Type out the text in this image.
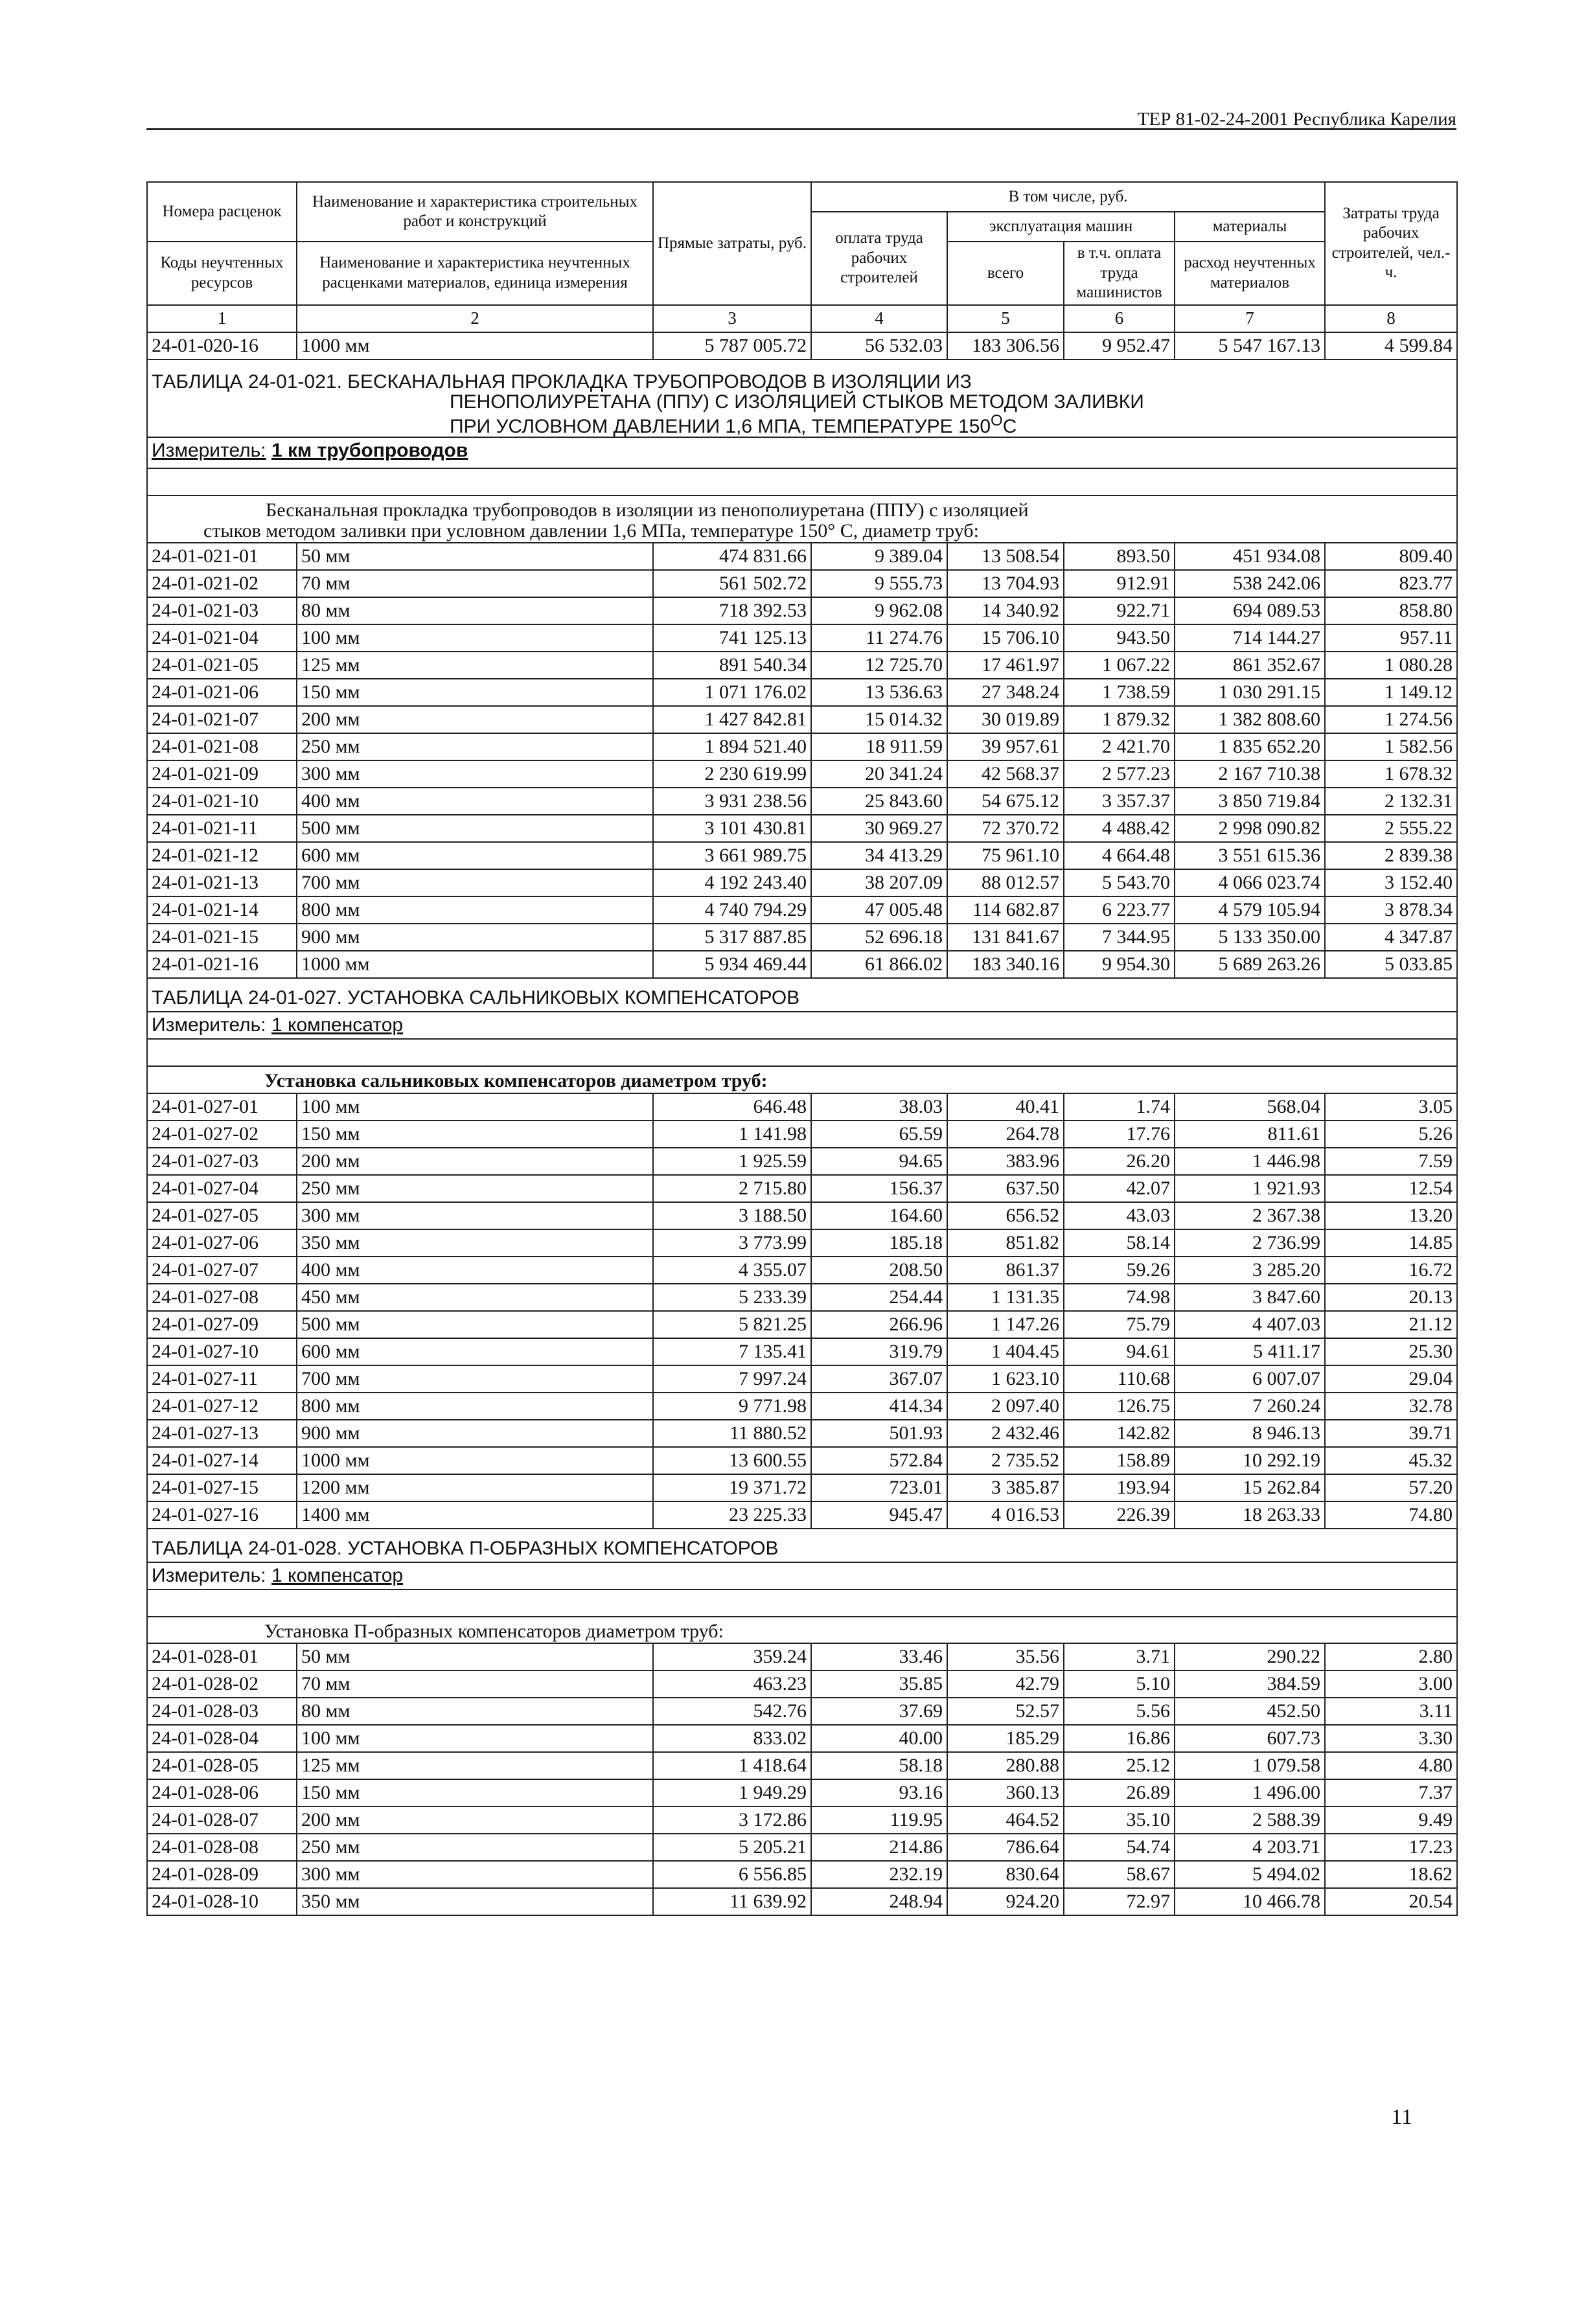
ТЕР 81-02-24-2001 Республика Карелия
Номера расценок	Наименование и характеристика строительных работ и конструкций	Прямые затраты, руб.	В том числе, руб.				Затраты труда рабочих строителей, чел.-ч.
			оплата труда рабочих строителей	эксплуатация машин		материалы	
Коды неучтенных ресурсов	Наименование и характеристика неучтенных расценками материалов, единица измерения			всего	в т.ч. оплата труда машинистов	расход неучтенных материалов	

1	2	3	4	5	6	7	8
24-01-020-16	1000 мм	5 787 005.72	56 532.03	183 306.56	9 952.47	5 547 167.13	4 599.84
ТАБЛИЦА 24-01-021. БЕСКАНАЛЬНАЯ ПРОКЛАДКА ТРУБОПРОВОДОВ В ИЗОЛЯЦИИ ИЗ
ПЕНОПОЛИУРЕТАНА (ППУ) С ИЗОЛЯЦИЕЙ СТЫКОВ МЕТОДОМ ЗАЛИВКИ
ПРИ УСЛОВНОМ ДАВЛЕНИИ 1,6 МПА, ТЕМПЕРАТУРЕ $150^ОС$							

Измеритель: 1 км трубопроводов							

Бесканальная прокладка трубопроводов в изоляции из пенополиуретана (ППУ) с изоляцией
стыков методом заливки при условном давлении 1,6 МПа, температуре 150° С, диаметр труб:							
24-01-021-01	50 мм	474 831.66	9 389.04	13 508.54	893.50	451 934.08	809.40
24-01-021-02	70 мм	561 502.72	9 555.73	13 704.93	912.91	538 242.06	823.77
24-01-021-03	80 мм	718 392.53	9 962.08	14 340.92	922.71	694 089.53	858.80
24-01-021-04	100 мм	741 125.13	11 274.76	15 706.10	943.50	714 144.27	957.11
24-01-021-05	125 мм	891 540.34	12 725.70	17 461.97	1 067.22	861 352.67	1 080.28
24-01-021-06	150 мм	1 071 176.02	13 536.63	27 348.24	1 738.59	1 030 291.15	1 149.12
24-01-021-07	200 мм	1 427 842.81	15 014.32	30 019.89	1 879.32	1 382 808.60	1 274.56
24-01-021-08	250 мм	1 894 521.40	18 911.59	39 957.61	2 421.70	1 835 652.20	1 582.56
24-01-021-09	300 мм	2 230 619.99	20 341.24	42 568.37	2 577.23	2 167 710.38	1 678.32
24-01-021-10	400 мм	3 931 238.56	25 843.60	54 675.12	3 357.37	3 850 719.84	2 132.31
24-01-021-11	500 мм	3 101 430.81	30 969.27	72 370.72	4 488.42	2 998 090.82	2 555.22
24-01-021-12	600 мм	3 661 989.75	34 413.29	75 961.10	4 664.48	3 551 615.36	2 839.38
24-01-021-13	700 мм	4 192 243.40	38 207.09	88 012.57	5 543.70	4 066 023.74	3 152.40
24-01-021-14	800 мм	4 740 794.29	47 005.48	114 682.87	6 223.77	4 579 105.94	3 878.34
24-01-021-15	900 мм	5 317 887.85	52 696.18	131 841.67	7 344.95	5 133 350.00	4 347.87
24-01-021-16	1000 мм	5 934 469.44	61 866.02	183 340.16	9 954.30	5 689 263.26	5 033.85
ТАБЛИЦА 24-01-027. УСТАНОВКА САЛЬНИКОВЫХ КОМПЕНСАТОРОВ							
Измеритель: 1 компенсатор							

Установка сальниковых компенсаторов диаметром труб:							
24-01-027-01	100 мм	646.48	38.03	40.41	1.74	568.04	3.05
24-01-027-02	150 мм	1 141.98	65.59	264.78	17.76	811.61	5.26
24-01-027-03	200 мм	1 925.59	94.65	383.96	26.20	1 446.98	7.59
24-01-027-04	250 мм	2 715.80	156.37	637.50	42.07	1 921.93	12.54
24-01-027-05	300 мм	3 188.50	164.60	656.52	43.03	2 367.38	13.20
24-01-027-06	350 мм	3 773.99	185.18	851.82	58.14	2 736.99	14.85
24-01-027-07	400 мм	4 355.07	208.50	861.37	59.26	3 285.20	16.72
24-01-027-08	450 мм	5 233.39	254.44	1 131.35	74.98	3 847.60	20.13
24-01-027-09	500 мм	5 821.25	266.96	1 147.26	75.79	4 407.03	21.12
24-01-027-10	600 мм	7 135.41	319.79	1 404.45	94.61	5 411.17	25.30
24-01-027-11	700 мм	7 997.24	367.07	1 623.10	110.68	6 007.07	29.04
24-01-027-12	800 мм	9 771.98	414.34	2 097.40	126.75	7 260.24	32.78
24-01-027-13	900 мм	11 880.52	501.93	2 432.46	142.82	8 946.13	39.71
24-01-027-14	1000 мм	13 600.55	572.84	2 735.52	158.89	10 292.19	45.32
24-01-027-15	1200 мм	19 371.72	723.01	3 385.87	193.94	15 262.84	57.20
24-01-027-16	1400 мм	23 225.33	945.47	4 016.53	226.39	18 263.33	74.80
ТАБЛИЦА 24-01-028. УСТАНОВКА П-ОБРАЗНЫХ КОМПЕНСАТОРОВ							
Измеритель: 1 компенсатор							

Установка П-образных компенсаторов диаметром труб:							
24-01-028-01	50 мм	359.24	33.46	35.56	3.71	290.22	2.80
24-01-028-02	70 мм	463.23	35.85	42.79	5.10	384.59	3.00
24-01-028-03	80 мм	542.76	37.69	52.57	5.56	452.50	3.11
24-01-028-04	100 мм	833.02	40.00	185.29	16.86	607.73	3.30
24-01-028-05	125 мм	1 418.64	58.18	280.88	25.12	1 079.58	4.80
24-01-028-06	150 мм	1 949.29	93.16	360.13	26.89	1 496.00	7.37
24-01-028-07	200 мм	3 172.86	119.95	464.52	35.10	2 588.39	9.49
24-01-028-08	250 мм	5 205.21	214.86	786.64	54.74	4 203.71	17.23
24-01-028-09	300 мм	6 556.85	232.19	830.64	58.67	5 494.02	18.62
24-01-028-10	350 мм	11 639.92	248.94	924.20	72.97	10 466.78	20.54
11
